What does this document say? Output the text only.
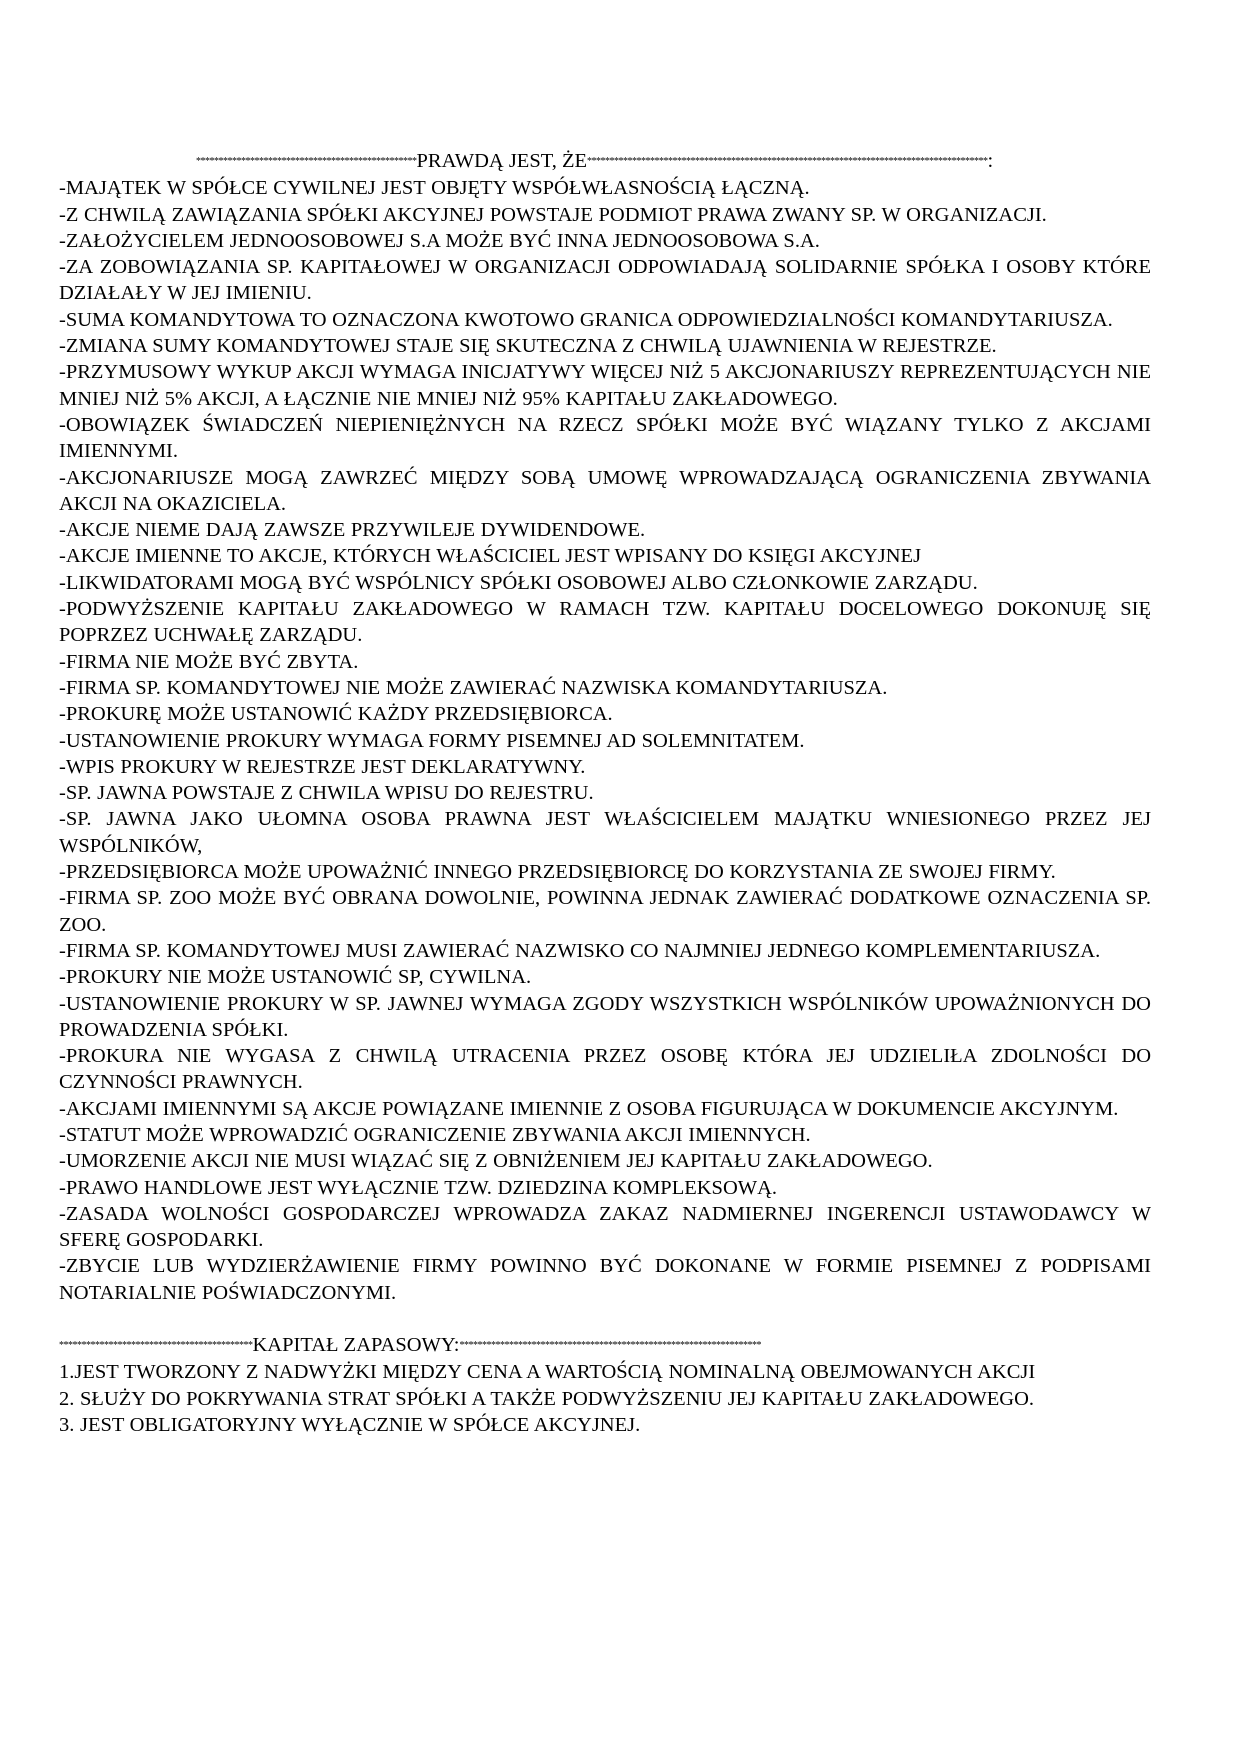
*************************************************PRAWDĄ JEST, ŻE*****************************************************************************************:
-MAJĄTEK W SPÓŁCE CYWILNEJ JEST OBJĘTY WSPÓŁWŁASNOŚCIĄ ŁĄCZNĄ.
-Z CHWILĄ ZAWIĄZANIA SPÓŁKI AKCYJNEJ POWSTAJE PODMIOT PRAWA ZWANY SP. W ORGANIZACJI.
-ZAŁOŻYCIELEM JEDNOOSOBOWEJ S.A MOŻE BYĆ INNA JEDNOOSOBOWA S.A.
-ZA ZOBOWIĄZANIA SP. KAPITAŁOWEJ W ORGANIZACJI ODPOWIADAJĄ SOLIDARNIE SPÓŁKA I OSOBY KTÓRE DZIAŁAŁY W JEJ IMIENIU.
-SUMA KOMANDYTOWA TO OZNACZONA KWOTOWO GRANICA ODPOWIEDZIALNOŚCI KOMANDYTARIUSZA.
-ZMIANA SUMY KOMANDYTOWEJ STAJE SIĘ SKUTECZNA Z CHWILĄ UJAWNIENIA W REJESTRZE.
-PRZYMUSOWY WYKUP AKCJI WYMAGA INICJATYWY WIĘCEJ NIŻ 5 AKCJONARIUSZY REPREZENTUJĄCYCH NIE MNIEJ NIŻ 5% AKCJI, A ŁĄCZNIE NIE MNIEJ NIŻ 95% KAPITAŁU ZAKŁADOWEGO.
-OBOWIĄZEK ŚWIADCZEŃ NIEPIENIĘŻNYCH NA RZECZ SPÓŁKI MOŻE BYĆ WIĄZANY TYLKO Z AKCJAMI IMIENNYMI.
-AKCJONARIUSZE MOGĄ ZAWRZEĆ MIĘDZY SOBĄ UMOWĘ WPROWADZAJĄCĄ OGRANICZENIA ZBYWANIA AKCJI NA OKAZICIELA.
-AKCJE NIEME DAJĄ ZAWSZE PRZYWILEJE DYWIDENDOWE.
-AKCJE IMIENNE TO AKCJE, KTÓRYCH WŁAŚCICIEL JEST WPISANY DO KSIĘGI AKCYJNEJ
-LIKWIDATORAMI MOGĄ BYĆ WSPÓLNICY SPÓŁKI OSOBOWEJ ALBO CZŁONKOWIE ZARZĄDU.
-PODWYŻSZENIE KAPITAŁU ZAKŁADOWEGO W RAMACH TZW. KAPITAŁU DOCELOWEGO DOKONUJĘ SIĘ POPRZEZ UCHWAŁĘ ZARZĄDU.
-FIRMA NIE MOŻE BYĆ ZBYTA.
-FIRMA SP. KOMANDYTOWEJ NIE MOŻE ZAWIERAĆ NAZWISKA KOMANDYTARIUSZA.
-PROKURĘ MOŻE USTANOWIĆ KAŻDY PRZEDSIĘBIORCA.
-USTANOWIENIE PROKURY WYMAGA FORMY PISEMNEJ AD SOLEMNITATEM.
-WPIS PROKURY W REJESTRZE JEST DEKLARATYWNY.
-SP. JAWNA POWSTAJE Z CHWILA WPISU DO REJESTRU.
-SP. JAWNA JAKO UŁOMNA OSOBA PRAWNA JEST WŁAŚCICIELEM MAJĄTKU WNIESIONEGO PRZEZ JEJ WSPÓLNIKÓW,
-PRZEDSIĘBIORCA MOŻE UPOWAŻNIĆ INNEGO PRZEDSIĘBIORCĘ DO KORZYSTANIA ZE SWOJEJ FIRMY.
-FIRMA SP. ZOO MOŻE BYĆ OBRANA DOWOLNIE, POWINNA JEDNAK ZAWIERAĆ DODATKOWE OZNACZENIA SP. ZOO.
-FIRMA SP. KOMANDYTOWEJ MUSI ZAWIERAĆ NAZWISKO CO NAJMNIEJ JEDNEGO KOMPLEMENTARIUSZA.
-PROKURY NIE MOŻE USTANOWIĆ SP, CYWILNA.
-USTANOWIENIE PROKURY W SP. JAWNEJ WYMAGA ZGODY WSZYSTKICH WSPÓLNIKÓW UPOWAŻNIONYCH DO PROWADZENIA SPÓŁKI.
-PROKURA NIE WYGASA Z CHWILĄ UTRACENIA PRZEZ OSOBĘ KTÓRA JEJ UDZIELIŁA ZDOLNOŚCI DO CZYNNOŚCI PRAWNYCH.
-AKCJAMI IMIENNYMI SĄ AKCJE POWIĄZANE IMIENNIE Z OSOBA FIGURUJĄCA W DOKUMENCIE AKCYJNYM.
-STATUT MOŻE WPROWADZIĆ OGRANICZENIE ZBYWANIA AKCJI IMIENNYCH.
-UMORZENIE AKCJI NIE MUSI WIĄZAĆ SIĘ Z OBNIŻENIEM JEJ KAPITAŁU ZAKŁADOWEGO.
-PRAWO HANDLOWE JEST WYŁĄCZNIE TZW. DZIEDZINA KOMPLEKSOWĄ.
-ZASADA WOLNOŚCI GOSPODARCZEJ WPROWADZA ZAKAZ NADMIERNEJ INGERENCJI USTAWODAWCY W SFERĘ GOSPODARKI.
-ZBYCIE LUB WYDZIERŻAWIENIE FIRMY POWINNO BYĆ DOKONANE W FORMIE PISEMNEJ Z PODPISAMI NOTARIALNIE POŚWIADCZONYMI.
*******************************************KAPITAŁ ZAPASOWY:*******************************************************************
1.JEST TWORZONY Z NADWYŻKI MIĘDZY CENA A WARTOŚCIĄ NOMINALNĄ OBEJMOWANYCH AKCJI
2. SŁUŻY DO POKRYWANIA STRAT SPÓŁKI A TAKŻE PODWYŻSZENIU JEJ KAPITAŁU ZAKŁADOWEGO.
3. JEST OBLIGATORYJNY WYŁĄCZNIE W SPÓŁCE AKCYJNEJ.
